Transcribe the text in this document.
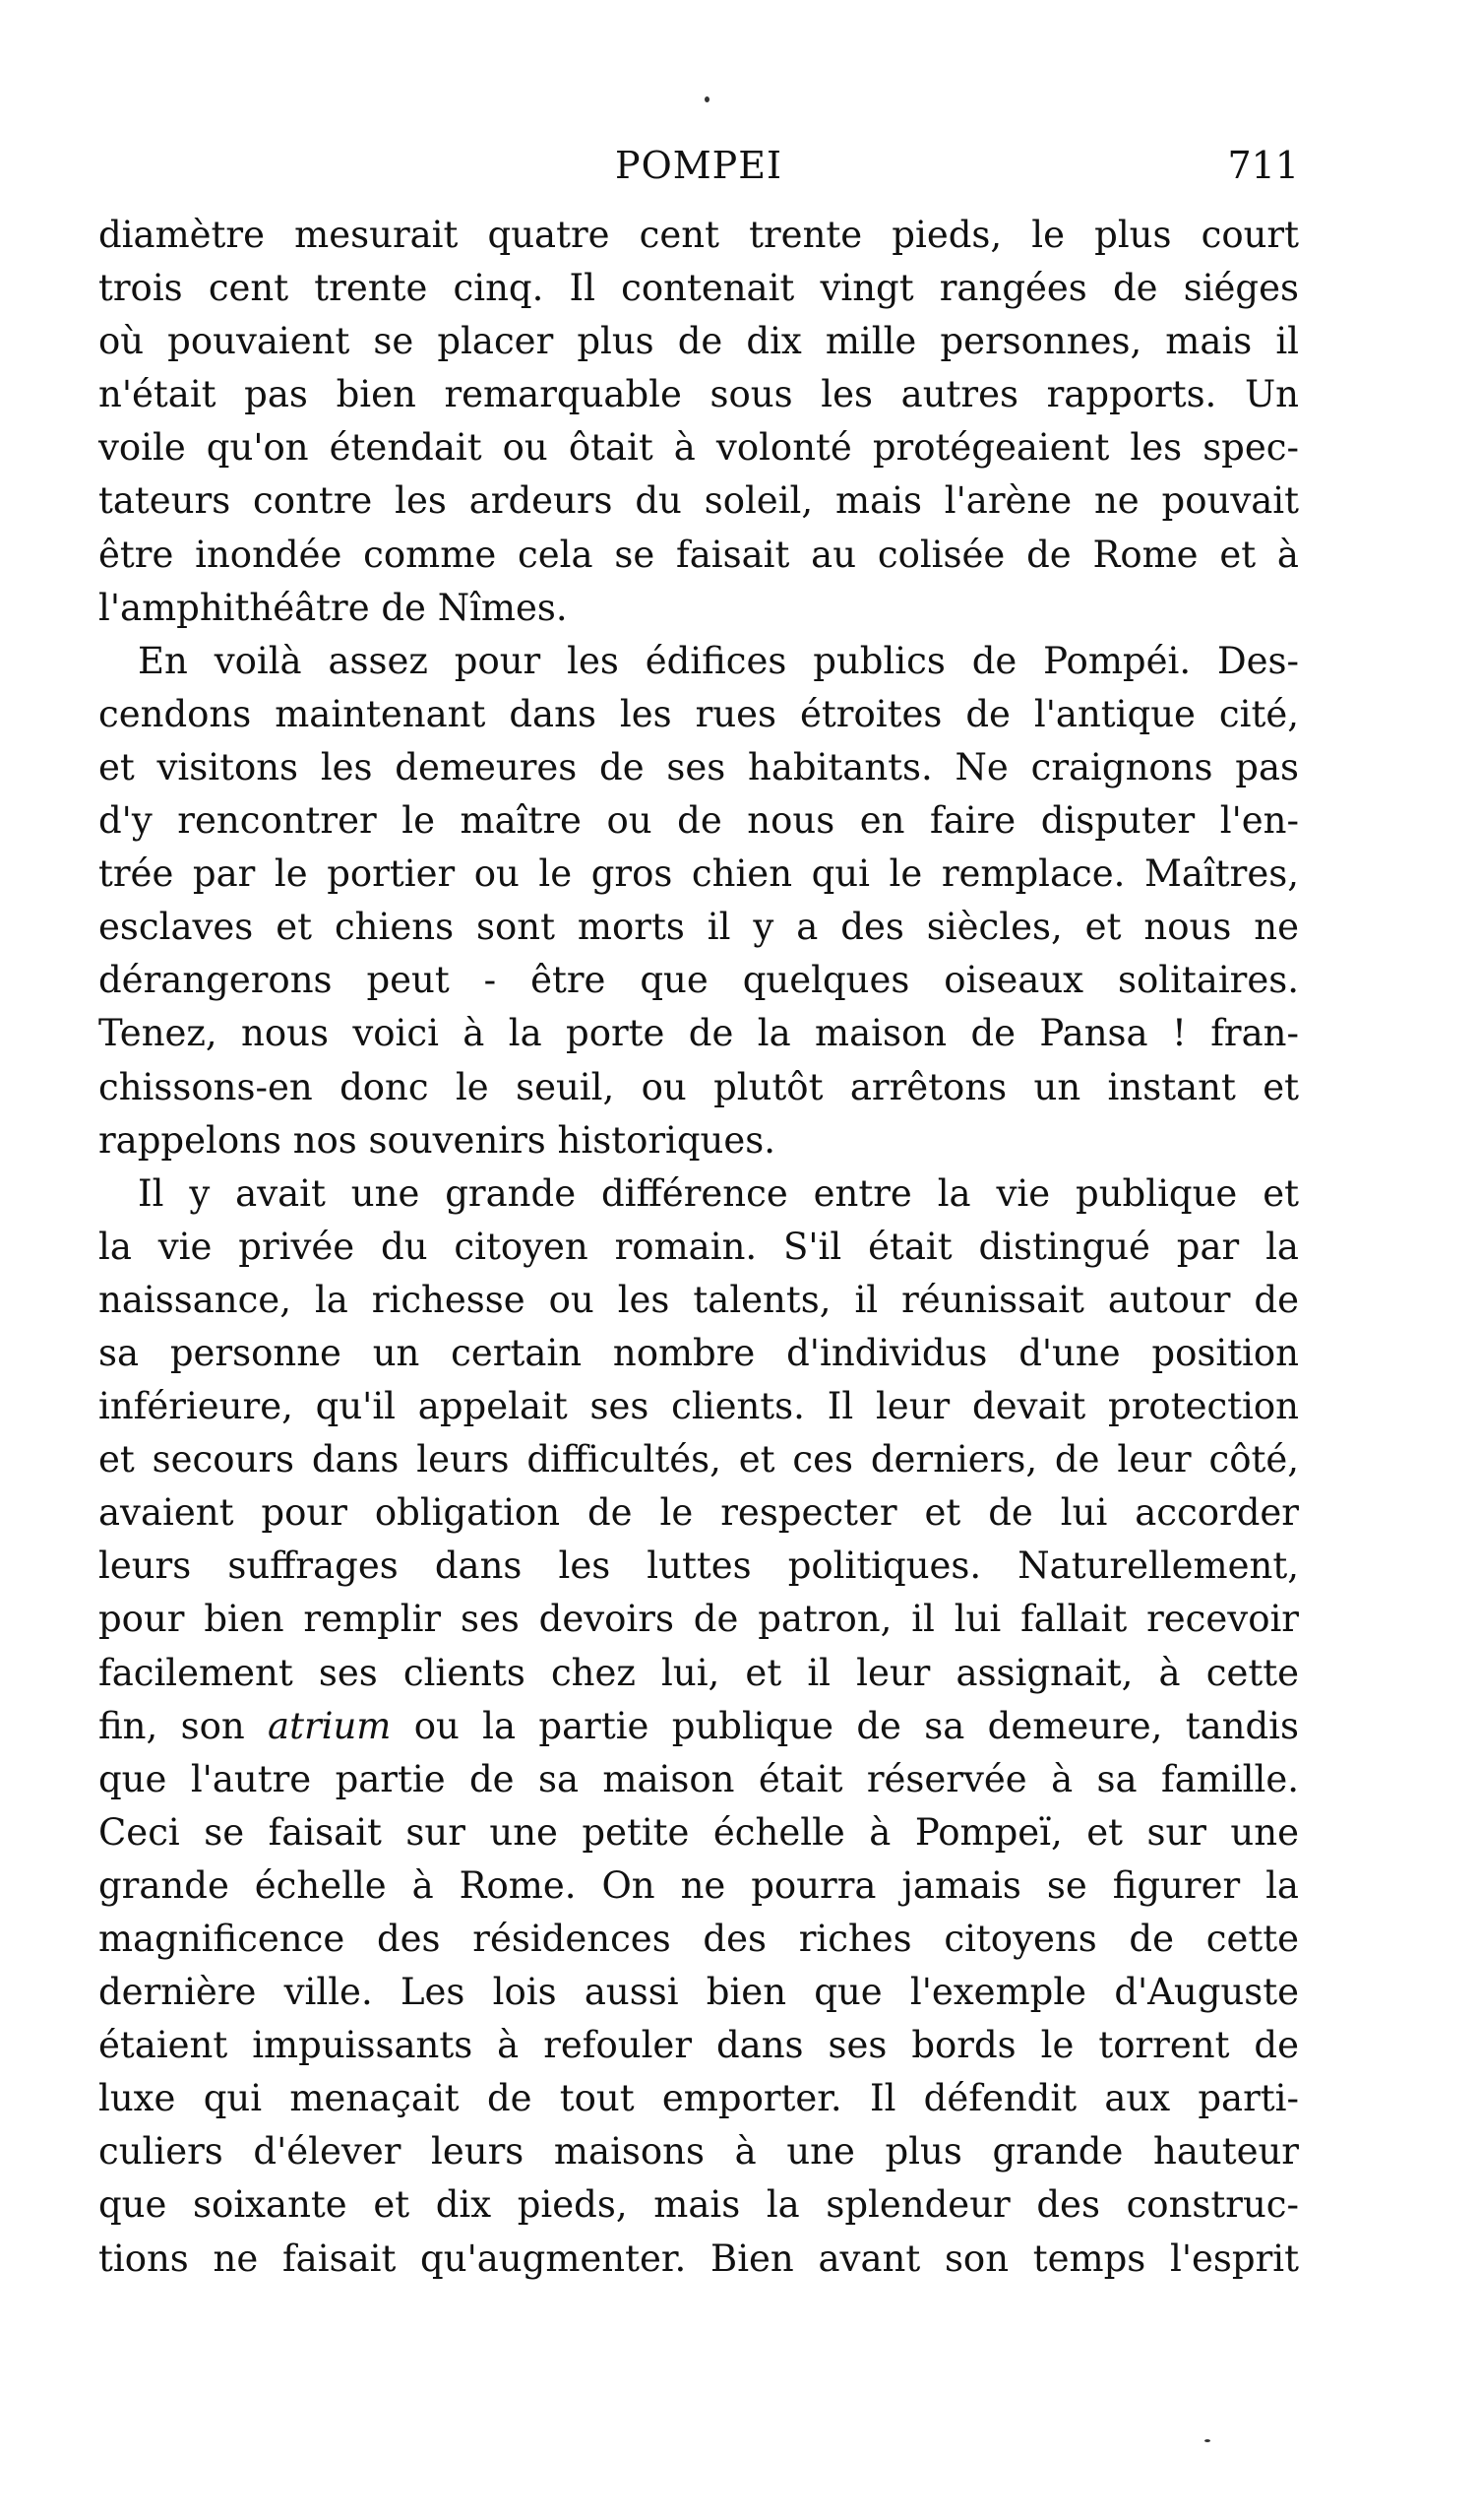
POMPEI	711
diamètre mesurait quatre cent trente pieds, le plus court
trois cent trente cinq. Il contenait vingt rangées de siéges
où pouvaient se placer plus de dix mille personnes, mais il
n'était pas bien remarquable sous les autres rapports. Un
voile qu'on étendait ou ôtait à volonté protégeaient les spec-
tateurs contre les ardeurs du soleil, mais l'arène ne pouvait
être inondée comme cela se faisait au colisée de Rome et à
l'amphithéâtre de Nîmes.
En voilà assez pour les édifices publics de Pompéi. Des-
cendons maintenant dans les rues étroites de l'antique cité,
et visitons les demeures de ses habitants. Ne craignons pas
d'y rencontrer le maître ou de nous en faire disputer l'en-
trée par le portier ou le gros chien qui le remplace. Maîtres,
esclaves et chiens sont morts il y a des siècles, et nous ne
dérangerons peut - être que quelques oiseaux solitaires.
Tenez, nous voici à la porte de la maison de Pansa ! fran-
chissons-en donc le seuil, ou plutôt arrêtons un instant et
rappelons nos souvenirs historiques.
Il y avait une grande différence entre la vie publique et
la vie privée du citoyen romain. S'il était distingué par la
naissance, la richesse ou les talents, il réunissait autour de
sa personne un certain nombre d'individus d'une position
inférieure, qu'il appelait ses clients. Il leur devait protection
et secours dans leurs difficultés, et ces derniers, de leur côté,
avaient pour obligation de le respecter et de lui accorder
leurs suffrages dans les luttes politiques. Naturellement,
pour bien remplir ses devoirs de patron, il lui fallait recevoir
facilement ses clients chez lui, et il leur assignait, à cette
fin, son atrium ou la partie publique de sa demeure, tandis
que l'autre partie de sa maison était réservée à sa famille.
Ceci se faisait sur une petite échelle à Pompeï, et sur une
grande échelle à Rome. On ne pourra jamais se figurer la
magnificence des résidences des riches citoyens de cette
dernière ville. Les lois aussi bien que l'exemple d'Auguste
étaient impuissants à refouler dans ses bords le torrent de
luxe qui menaçait de tout emporter. Il défendit aux parti-
culiers d'élever leurs maisons à une plus grande hauteur
que soixante et dix pieds, mais la splendeur des construc-
tions ne faisait qu'augmenter. Bien avant son temps l'esprit
